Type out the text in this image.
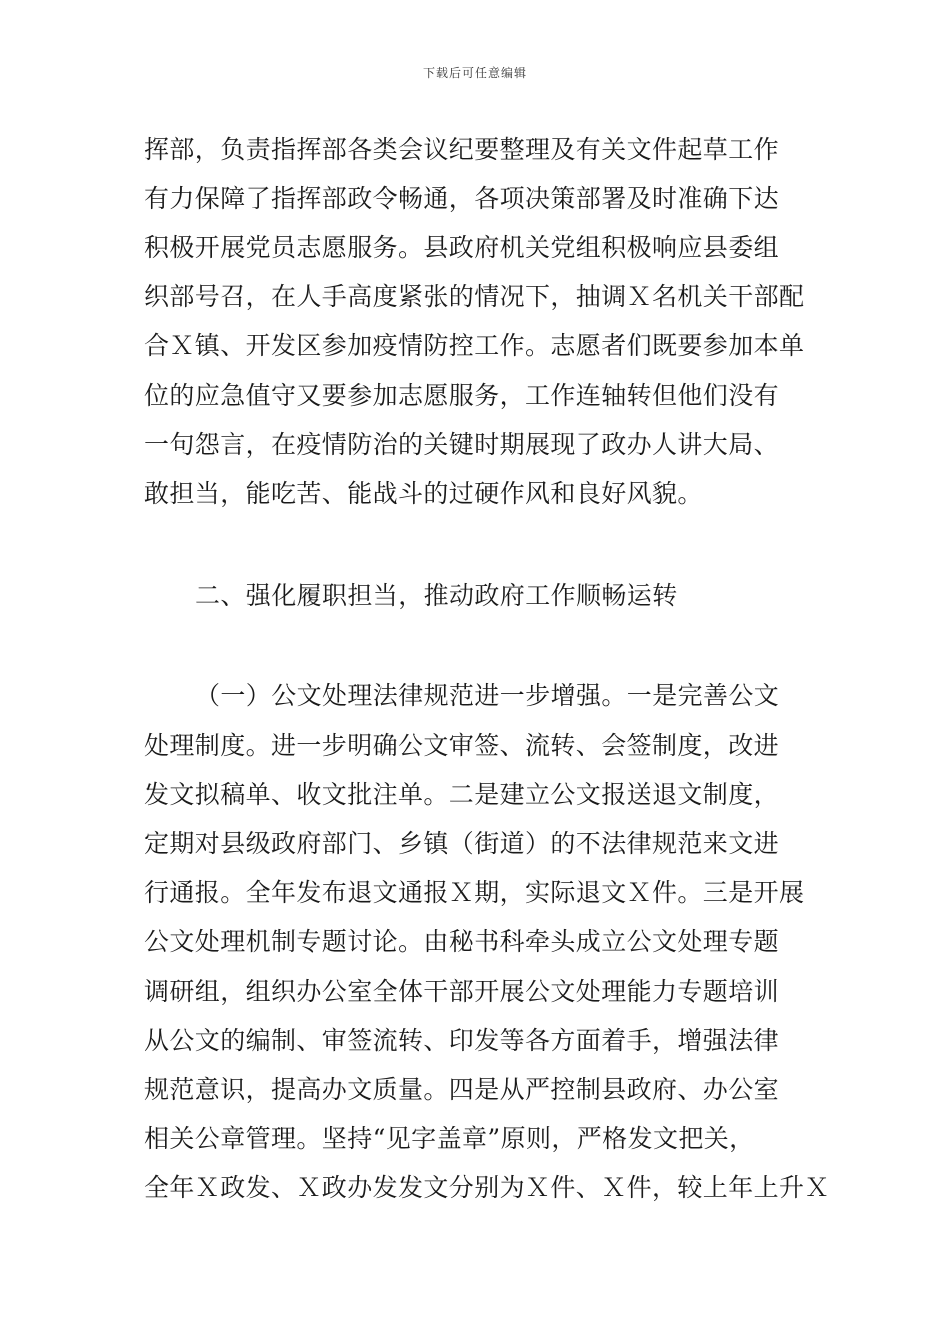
下载后可任意编辑
挥部，负责指挥部各类会议纪要整理及有关文件起草工作
有力保障了指挥部政令畅通，各项决策部署及时准确下达
积极开展党员志愿服务。县政府机关党组积极响应县委组
织部号召，在人手高度紧张的情况下，抽调Ｘ名机关干部配
合Ｘ镇、开发区参加疫情防控工作。志愿者们既要参加本单
位的应急值守又要参加志愿服务，工作连轴转但他们没有
一句怨言，在疫情防治的关键时期展现了政办人讲大局、
敢担当，能吃苦、能战斗的过硬作风和良好风貌。
二、强化履职担当，推动政府工作顺畅运转
（一）公文处理法律规范进一步增强。一是完善公文
处理制度。进一步明确公文审签、流转、会签制度，改进
发文拟稿单、收文批注单。二是建立公文报送退文制度，
定期对县级政府部门、乡镇（街道）的不法律规范来文进
行通报。全年发布退文通报Ｘ期，实际退文Ｘ件。三是开展
公文处理机制专题讨论。由秘书科牵头成立公文处理专题
调研组，组织办公室全体干部开展公文处理能力专题培训
从公文的编制、审签流转、印发等各方面着手，增强法律
规范意识，提高办文质量。四是从严控制县政府、办公室
相关公章管理。坚持“见字盖章”原则，严格发文把关，
全年Ｘ政发、Ｘ政办发发文分别为Ｘ件、Ｘ件，较上年上升Ｘ
